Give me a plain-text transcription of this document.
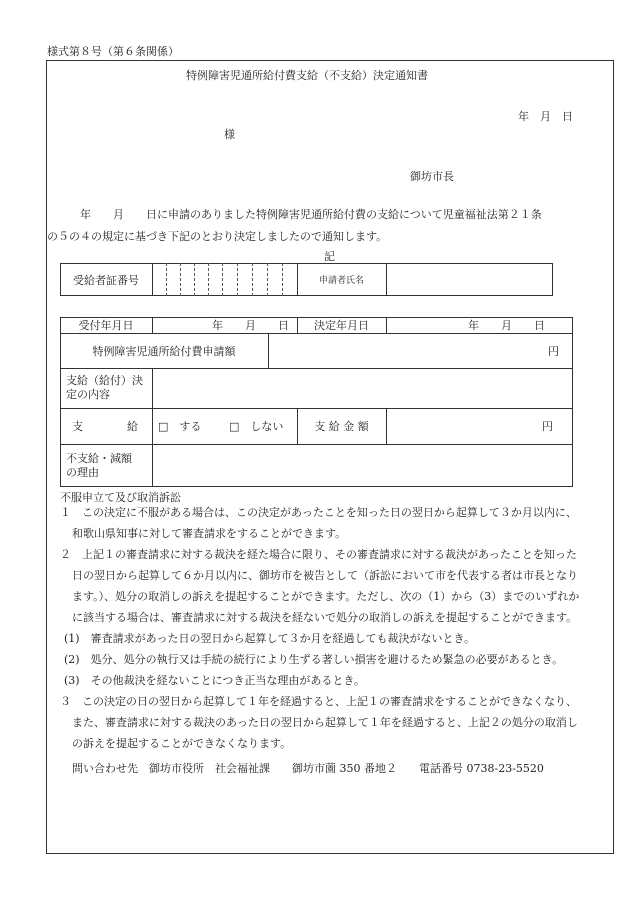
様式第８号（第６条関係）
特例障害児通所給付費支給（不支給）決定通知書
年　月　日
様
御坊市長
年　　月　　日に申請のありました特例障害児通所給付費の支給について児童福祉法第２１条
の５の４の規定に基づき下記のとおり決定しましたので通知します。
記
受給者証番号	申請者氏名
受付年月日	年　　月　　日	決定年月日	年　　月　　日
特例障害児通所給付費申請額	円
支給（給付）決
定の内容
支　　　　給	□　する	□　しない	支 給 金 額	円
不支給・減額
の理由
不服申立て及び取消訴訟
１　この決定に不服がある場合は、この決定があったことを知った日の翌日から起算して３か月以内に、
和歌山県知事に対して審査請求をすることができます。
２　上記１の審査請求に対する裁決を経た場合に限り、その審査請求に対する裁決があったことを知った
日の翌日から起算して６か月以内に、御坊市を被告として（訴訟において市を代表する者は市長となり
ます。）、処分の取消しの訴えを提起することができます。ただし、次の（1）から（3）までのいずれか
に該当する場合は、審査請求に対する裁決を経ないで処分の取消しの訴えを提起することができます。
(1)　審査請求があった日の翌日から起算して３か月を経過しても裁決がないとき。
(2)　処分、処分の執行又は手続の続行により生ずる著しい損害を避けるため緊急の必要があるとき。
(3)　その他裁決を経ないことにつき正当な理由があるとき。
３　この決定の日の翌日から起算して１年を経過すると、上記１の審査請求をすることができなくなり、
また、審査請求に対する裁決のあった日の翌日から起算して１年を経過すると、上記２の処分の取消し
の訴えを提起することができなくなります。
問い合わせ先　御坊市役所　社会福祉課　　御坊市薗 350 番地２　　電話番号 0738-23-5520
